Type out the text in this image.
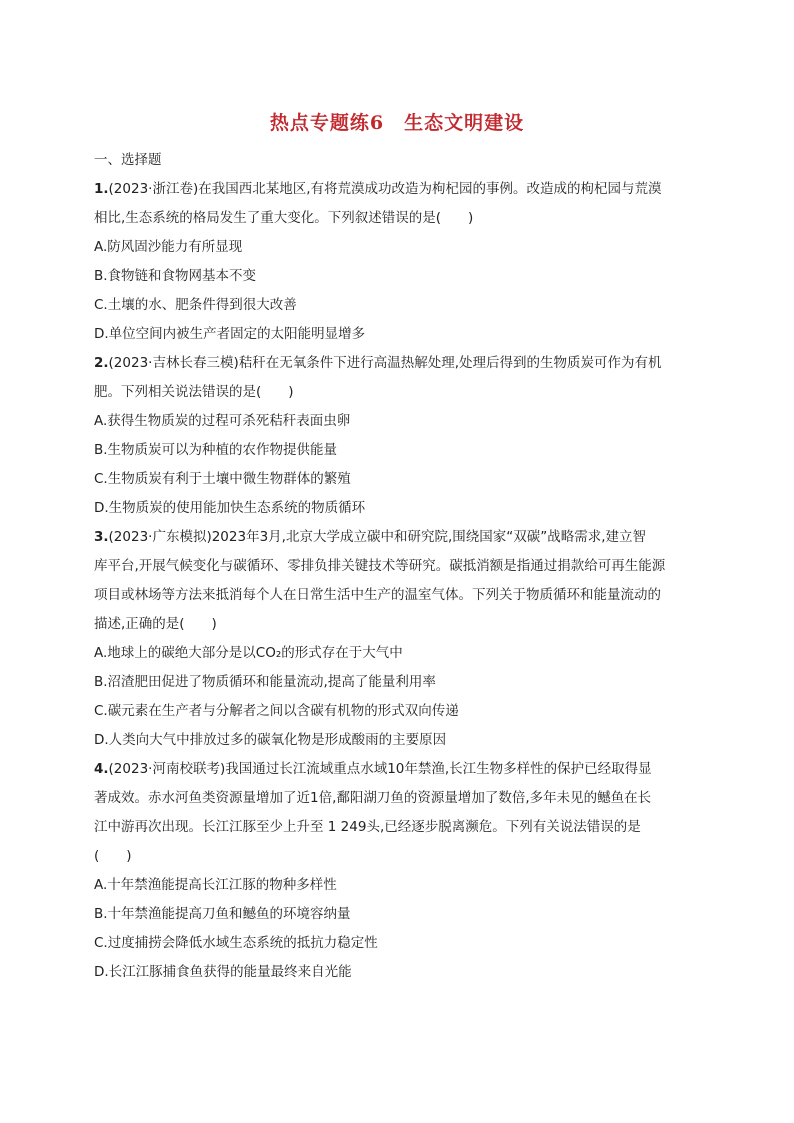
热点专题练6　生态文明建设
一、选择题
1.(2023·浙江卷)在我国西北某地区,有将荒漠成功改造为枸杞园的事例。改造成的枸杞园与荒漠
相比,生态系统的格局发生了重大变化。下列叙述错误的是(　　)
A.防风固沙能力有所显现
B.食物链和食物网基本不变
C.土壤的水、肥条件得到很大改善
D.单位空间内被生产者固定的太阳能明显增多
2.(2023·吉林长春三模)秸秆在无氧条件下进行高温热解处理,处理后得到的生物质炭可作为有机
肥。下列相关说法错误的是(　　)
A.获得生物质炭的过程可杀死秸秆表面虫卵
B.生物质炭可以为种植的农作物提供能量
C.生物质炭有利于土壤中微生物群体的繁殖
D.生物质炭的使用能加快生态系统的物质循环
3.(2023·广东模拟)2023年3月,北京大学成立碳中和研究院,围绕国家“双碳”战略需求,建立智
库平台,开展气候变化与碳循环、零排负排关键技术等研究。碳抵消额是指通过捐款给可再生能源
项目或林场等方法来抵消每个人在日常生活中生产的温室气体。下列关于物质循环和能量流动的
描述,正确的是(　　)
A.地球上的碳绝大部分是以CO₂的形式存在于大气中
B.沼渣肥田促进了物质循环和能量流动,提高了能量利用率
C.碳元素在生产者与分解者之间以含碳有机物的形式双向传递
D.人类向大气中排放过多的碳氧化物是形成酸雨的主要原因
4.(2023·河南校联考)我国通过长江流域重点水域10年禁渔,长江生物多样性的保护已经取得显
著成效。赤水河鱼类资源量增加了近1倍,鄱阳湖刀鱼的资源量增加了数倍,多年未见的鳡鱼在长
江中游再次出现。长江江豚至少上升至 1 249头,已经逐步脱离濒危。下列有关说法错误的是
(　　)
A.十年禁渔能提高长江江豚的物种多样性
B.十年禁渔能提高刀鱼和鳡鱼的环境容纳量
C.过度捕捞会降低水域生态系统的抵抗力稳定性
D.长江江豚捕食鱼获得的能量最终来自光能
